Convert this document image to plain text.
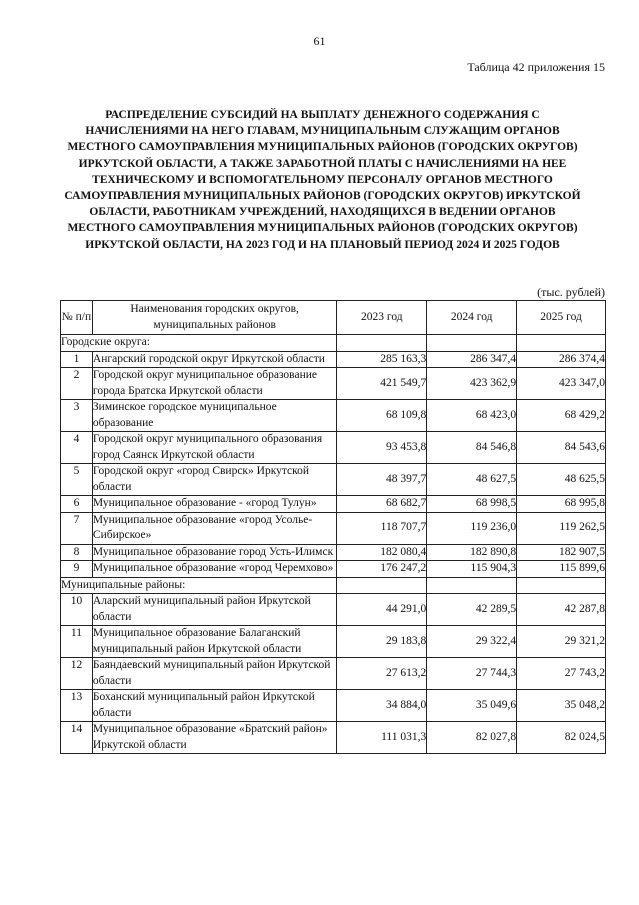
61
Таблица 42 приложения 15
РАСПРЕДЕЛЕНИЕ СУБСИДИЙ НА ВЫПЛАТУ ДЕНЕЖНОГО СОДЕРЖАНИЯ С НАЧИСЛЕНИЯМИ НА НЕГО ГЛАВАМ, МУНИЦИПАЛЬНЫМ СЛУЖАЩИМ ОРГАНОВ МЕСТНОГО САМОУПРАВЛЕНИЯ МУНИЦИПАЛЬНЫХ РАЙОНОВ (ГОРОДСКИХ ОКРУГОВ) ИРКУТСКОЙ ОБЛАСТИ, А ТАКЖЕ ЗАРАБОТНОЙ ПЛАТЫ С НАЧИСЛЕНИЯМИ НА НЕЕ ТЕХНИЧЕСКОМУ И ВСПОМОГАТЕЛЬНОМУ ПЕРСОНАЛУ ОРГАНОВ МЕСТНОГО САМОУПРАВЛЕНИЯ МУНИЦИПАЛЬНЫХ РАЙОНОВ (ГОРОДСКИХ ОКРУГОВ) ИРКУТСКОЙ ОБЛАСТИ, РАБОТНИКАМ УЧРЕЖДЕНИЙ, НАХОДЯЩИХСЯ В ВЕДЕНИИ ОРГАНОВ МЕСТНОГО САМОУПРАВЛЕНИЯ МУНИЦИПАЛЬНЫХ РАЙОНОВ (ГОРОДСКИХ ОКРУГОВ) ИРКУТСКОЙ ОБЛАСТИ, НА 2023 ГОД И НА ПЛАНОВЫЙ ПЕРИОД 2024 И 2025 ГОДОВ
(тыс. рублей)
№ п/п	Наименования городских округов, муниципальных районов	2023 год	2024 год	2025 год
Городские округа:				
1	Ангарский городской округ Иркутской области	285 163,3	286 347,4	286 374,4
2	Городской округ муниципальное образование города Братска Иркутской области	421 549,7	423 362,9	423 347,0
3	Зиминское городское муниципальное образование	68 109,8	68 423,0	68 429,2
4	Городской округ муниципального образования город Саянск Иркутской области	93 453,8	84 546,8	84 543,6
5	Городской округ «город Свирск» Иркутской области	48 397,7	48 627,5	48 625,5
6	Муниципальное образование - «город Тулун»	68 682,7	68 998,5	68 995,8
7	Муниципальное образование «город Усолье-Сибирское»	118 707,7	119 236,0	119 262,5
8	Муниципальное образование город Усть-Илимск	182 080,4	182 890,8	182 907,5
9	Муниципальное образование «город Черемхово»	176 247,2	115 904,3	115 899,6
Муниципальные районы:				
10	Аларский муниципальный район Иркутской области	44 291,0	42 289,5	42 287,8
11	Муниципальное образование Балаганский муниципальный район Иркутской области	29 183,8	29 322,4	29 321,2
12	Баяндаевский муниципальный район Иркутской области	27 613,2	27 744,3	27 743,2
13	Боханский муниципальный район Иркутской области	34 884,0	35 049,6	35 048,2
14	Муниципальное образование «Братский район» Иркутской области	111 031,3	82 027,8	82 024,5
